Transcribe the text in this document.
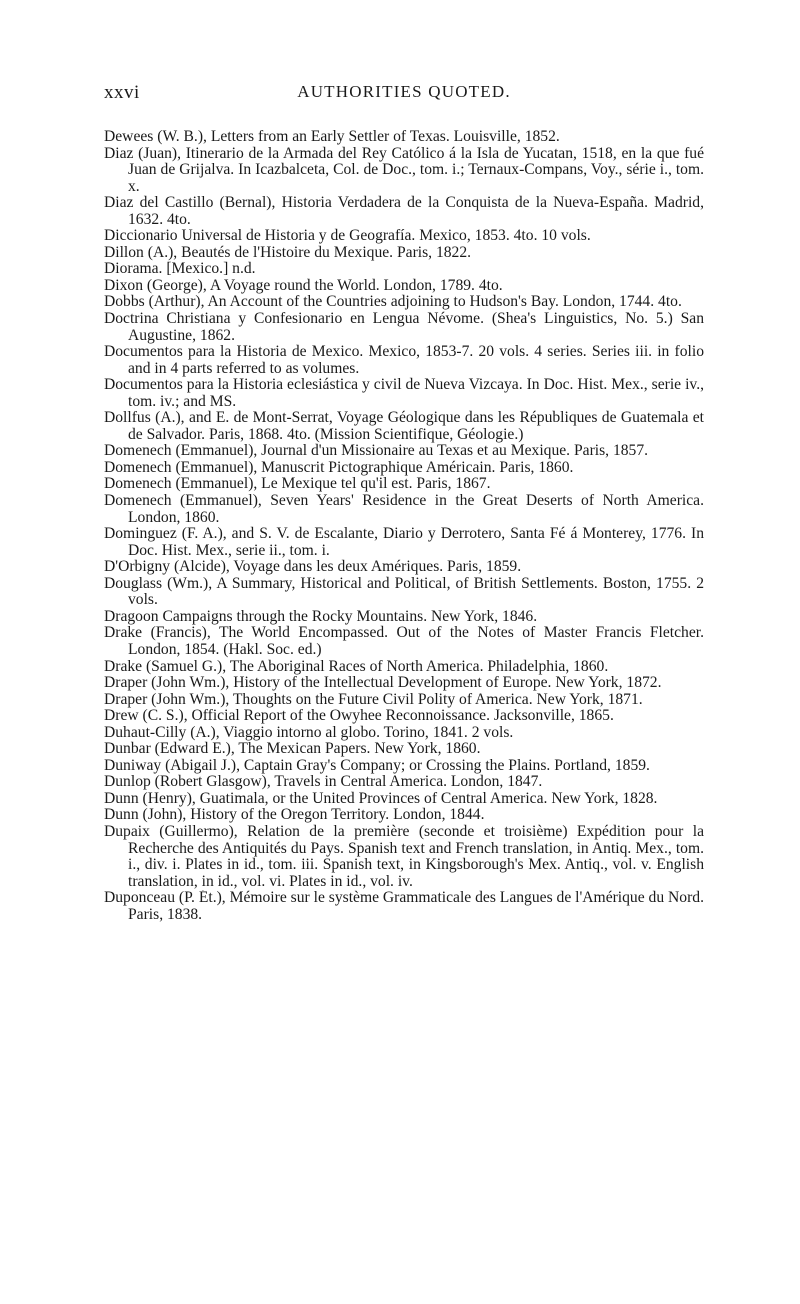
xxvi	AUTHORITIES QUOTED.
Dewees (W. B.), Letters from an Early Settler of Texas. Louisville, 1852.
Diaz (Juan), Itinerario de la Armada del Rey Católico á la Isla de Yucatan, 1518, en la que fué Juan de Grijalva. In Icazbalceta, Col. de Doc., tom. i.; Ternaux-Compans, Voy., série i., tom. x.
Diaz del Castillo (Bernal), Historia Verdadera de la Conquista de la Nueva-España. Madrid, 1632. 4to.
Diccionario Universal de Historia y de Geografía. Mexico, 1853. 4to. 10 vols.
Dillon (A.), Beautés de l'Histoire du Mexique. Paris, 1822.
Diorama. [Mexico.] n.d.
Dixon (George), A Voyage round the World. London, 1789. 4to.
Dobbs (Arthur), An Account of the Countries adjoining to Hudson's Bay. London, 1744. 4to.
Doctrina Christiana y Confesionario en Lengua Névome. (Shea's Linguistics, No. 5.) San Augustine, 1862.
Documentos para la Historia de Mexico. Mexico, 1853-7. 20 vols. 4 series. Series iii. in folio and in 4 parts referred to as volumes.
Documentos para la Historia eclesiástica y civil de Nueva Vizcaya. In Doc. Hist. Mex., serie iv., tom. iv.; and MS.
Dollfus (A.), and E. de Mont-Serrat, Voyage Géologique dans les Républiques de Guatemala et de Salvador. Paris, 1868. 4to. (Mission Scientifique, Géologie.)
Domenech (Emmanuel), Journal d'un Missionaire au Texas et au Mexique. Paris, 1857.
Domenech (Emmanuel), Manuscrit Pictographique Américain. Paris, 1860.
Domenech (Emmanuel), Le Mexique tel qu'il est. Paris, 1867.
Domenech (Emmanuel), Seven Years' Residence in the Great Deserts of North America. London, 1860.
Dominguez (F. A.), and S. V. de Escalante, Diario y Derrotero, Santa Fé á Monterey, 1776. In Doc. Hist. Mex., serie ii., tom. i.
D'Orbigny (Alcide), Voyage dans les deux Amériques. Paris, 1859.
Douglass (Wm.), A Summary, Historical and Political, of British Settlements. Boston, 1755. 2 vols.
Dragoon Campaigns through the Rocky Mountains. New York, 1846.
Drake (Francis), The World Encompassed. Out of the Notes of Master Francis Fletcher. London, 1854. (Hakl. Soc. ed.)
Drake (Samuel G.), The Aboriginal Races of North America. Philadelphia, 1860.
Draper (John Wm.), History of the Intellectual Development of Europe. New York, 1872.
Draper (John Wm.), Thoughts on the Future Civil Polity of America. New York, 1871.
Drew (C. S.), Official Report of the Owyhee Reconnoissance. Jacksonville, 1865.
Duhaut-Cilly (A.), Viaggio intorno al globo. Torino, 1841. 2 vols.
Dunbar (Edward E.), The Mexican Papers. New York, 1860.
Duniway (Abigail J.), Captain Gray's Company; or Crossing the Plains. Portland, 1859.
Dunlop (Robert Glasgow), Travels in Central America. London, 1847.
Dunn (Henry), Guatimala, or the United Provinces of Central America. New York, 1828.
Dunn (John), History of the Oregon Territory. London, 1844.
Dupaix (Guillermo), Relation de la première (seconde et troisième) Expédition pour la Recherche des Antiquités du Pays. Spanish text and French translation, in Antiq. Mex., tom. i., div. i. Plates in id., tom. iii. Spanish text, in Kingsborough's Mex. Antiq., vol. v. English translation, in id., vol. vi. Plates in id., vol. iv.
Duponceau (P. Ét.), Mémoire sur le système Grammaticale des Langues de l'Amérique du Nord. Paris, 1838.
